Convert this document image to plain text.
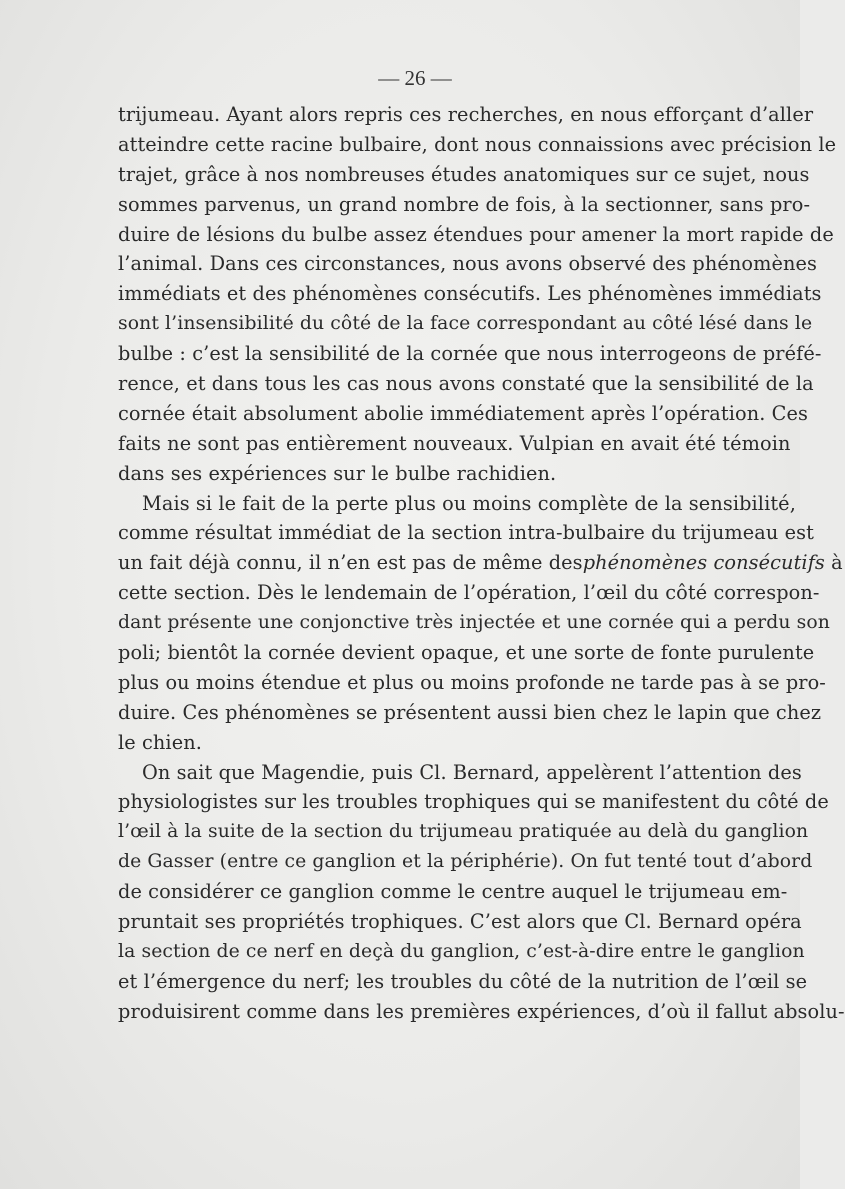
— 26 —
trijumeau. Ayant alors repris ces recherches, en nous efforçant d’aller
atteindre cette racine bulbaire, dont nous connaissions avec précision le
trajet, grâce à nos nombreuses études anatomiques sur ce sujet, nous
sommes parvenus, un grand nombre de fois, à la sectionner, sans pro-
duire de lésions du bulbe assez étendues pour amener la mort rapide de
l’animal. Dans ces circonstances, nous avons observé des phénomènes
immédiats et des phénomènes consécutifs. Les phénomènes immédiats
sont l’insensibilité du côté de la face correspondant au côté lésé dans le
bulbe : c’est la sensibilité de la cornée que nous interrogeons de préfé-
rence, et dans tous les cas nous avons constaté que la sensibilité de la
cornée était absolument abolie immédiatement après l’opération. Ces
faits ne sont pas entièrement nouveaux. Vulpian en avait été témoin
dans ses expériences sur le bulbe rachidien.
Mais si le fait de la perte plus ou moins complète de la sensibilité,
comme résultat immédiat de la section intra-bulbaire du trijumeau est
un fait déjà connu, il n’en est pas de même desphénomènes consécutifs à
cette section. Dès le lendemain de l’opération, l’œil du côté correspon-
dant présente une conjonctive très injectée et une cornée qui a perdu son
poli; bientôt la cornée devient opaque, et une sorte de fonte purulente
plus ou moins étendue et plus ou moins profonde ne tarde pas à se pro-
duire. Ces phénomènes se présentent aussi bien chez le lapin que chez
le chien.
On sait que Magendie, puis Cl. Bernard, appelèrent l’attention des
physiologistes sur les troubles trophiques qui se manifestent du côté de
l’œil à la suite de la section du trijumeau pratiquée au delà du ganglion
de Gasser (entre ce ganglion et la périphérie). On fut tenté tout d’abord
de considérer ce ganglion comme le centre auquel le trijumeau em-
pruntait ses propriétés trophiques. C’est alors que Cl. Bernard opéra
la section de ce nerf en deçà du ganglion, c’est-à-dire entre le ganglion
et l’émergence du nerf; les troubles du côté de la nutrition de l’œil se
produisirent comme dans les premières expériences, d’où il fallut absolu-
